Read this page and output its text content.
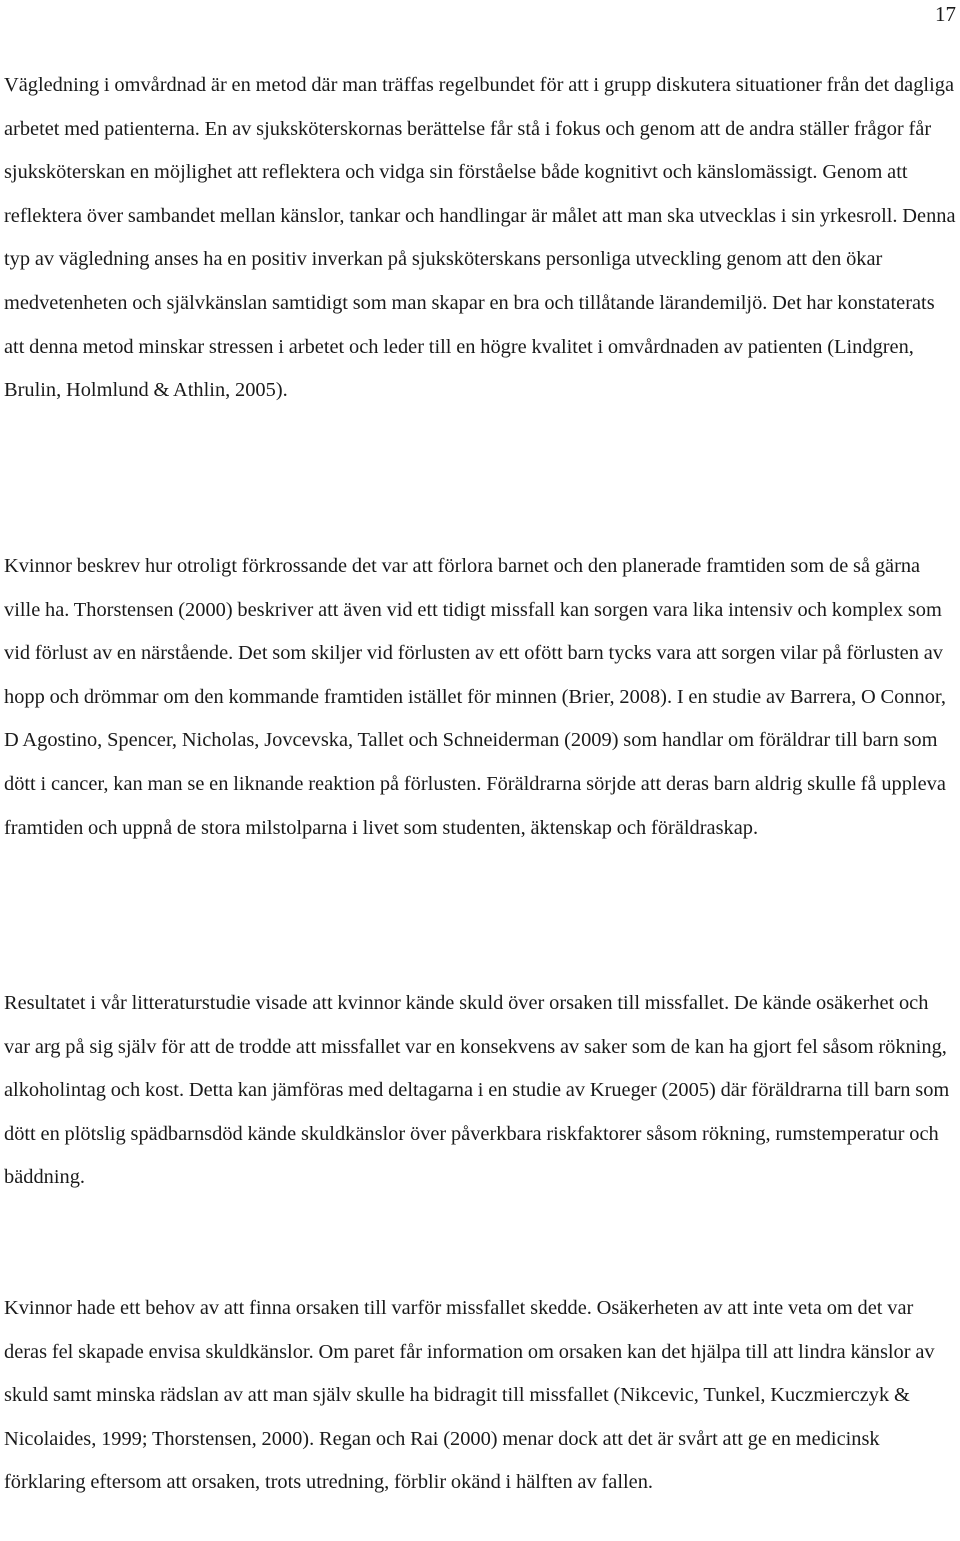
17

Vägledning i omvårdnad är en metod där man träffas regelbundet för att i grupp diskutera situationer från det dagliga arbetet med patienterna. En av sjuksköterskornas berättelse får stå i fokus och genom att de andra ställer frågor får sjuksköterskan en möjlighet att reflektera och vidga sin förståelse både kognitivt och känslomässigt. Genom att reflektera över sambandet mellan känslor, tankar och handlingar är målet att man ska utvecklas i sin yrkesroll. Denna typ av vägledning anses ha en positiv inverkan på sjuksköterskans personliga utveckling genom att den ökar medvetenheten och självkänslan samtidigt som man skapar en bra och tillåtande lärandemiljö. Det har konstaterats att denna metod minskar stressen i arbetet och leder till en högre kvalitet i omvårdnaden av patienten (Lindgren, Brulin, Holmlund & Athlin, 2005).

Kvinnor beskrev hur otroligt förkrossande det var att förlora barnet och den planerade framtiden som de så gärna ville ha. Thorstensen (2000) beskriver att även vid ett tidigt missfall kan sorgen vara lika intensiv och komplex som vid förlust av en närstående. Det som skiljer vid förlusten av ett ofött barn tycks vara att sorgen vilar på förlusten av hopp och drömmar om den kommande framtiden istället för minnen (Brier, 2008). I en studie av Barrera, O Connor, D Agostino, Spencer, Nicholas, Jovcevska, Tallet och Schneiderman (2009) som handlar om föräldrar till barn som dött i cancer, kan man se en liknande reaktion på förlusten. Föräldrarna sörjde att deras barn aldrig skulle få uppleva framtiden och uppnå de stora milstolparna i livet som studenten, äktenskap och föräldraskap.

Resultatet i vår litteraturstudie visade att kvinnor kände skuld över orsaken till missfallet. De kände osäkerhet och var arg på sig själv för att de trodde att missfallet var en konsekvens av saker som de kan ha gjort fel såsom rökning, alkoholintag och kost. Detta kan jämföras med deltagarna i en studie av Krueger (2005) där föräldrarna till barn som dött en plötslig spädbarnsdöd kände skuldkänslor över påverkbara riskfaktorer såsom rökning, rumstemperatur och bäddning.

Kvinnor hade ett behov av att finna orsaken till varför missfallet skedde. Osäkerheten av att inte veta om det var deras fel skapade envisa skuldkänslor. Om paret får information om orsaken kan det hjälpa till att lindra känslor av skuld samt minska rädslan av att man själv skulle ha bidragit till missfallet (Nikcevic, Tunkel, Kuczmierczyk & Nicolaides, 1999; Thorstensen, 2000). Regan och Rai (2000) menar dock att det är svårt att ge en medicinsk förklaring eftersom att orsaken, trots utredning, förblir okänd i hälften av fallen.
